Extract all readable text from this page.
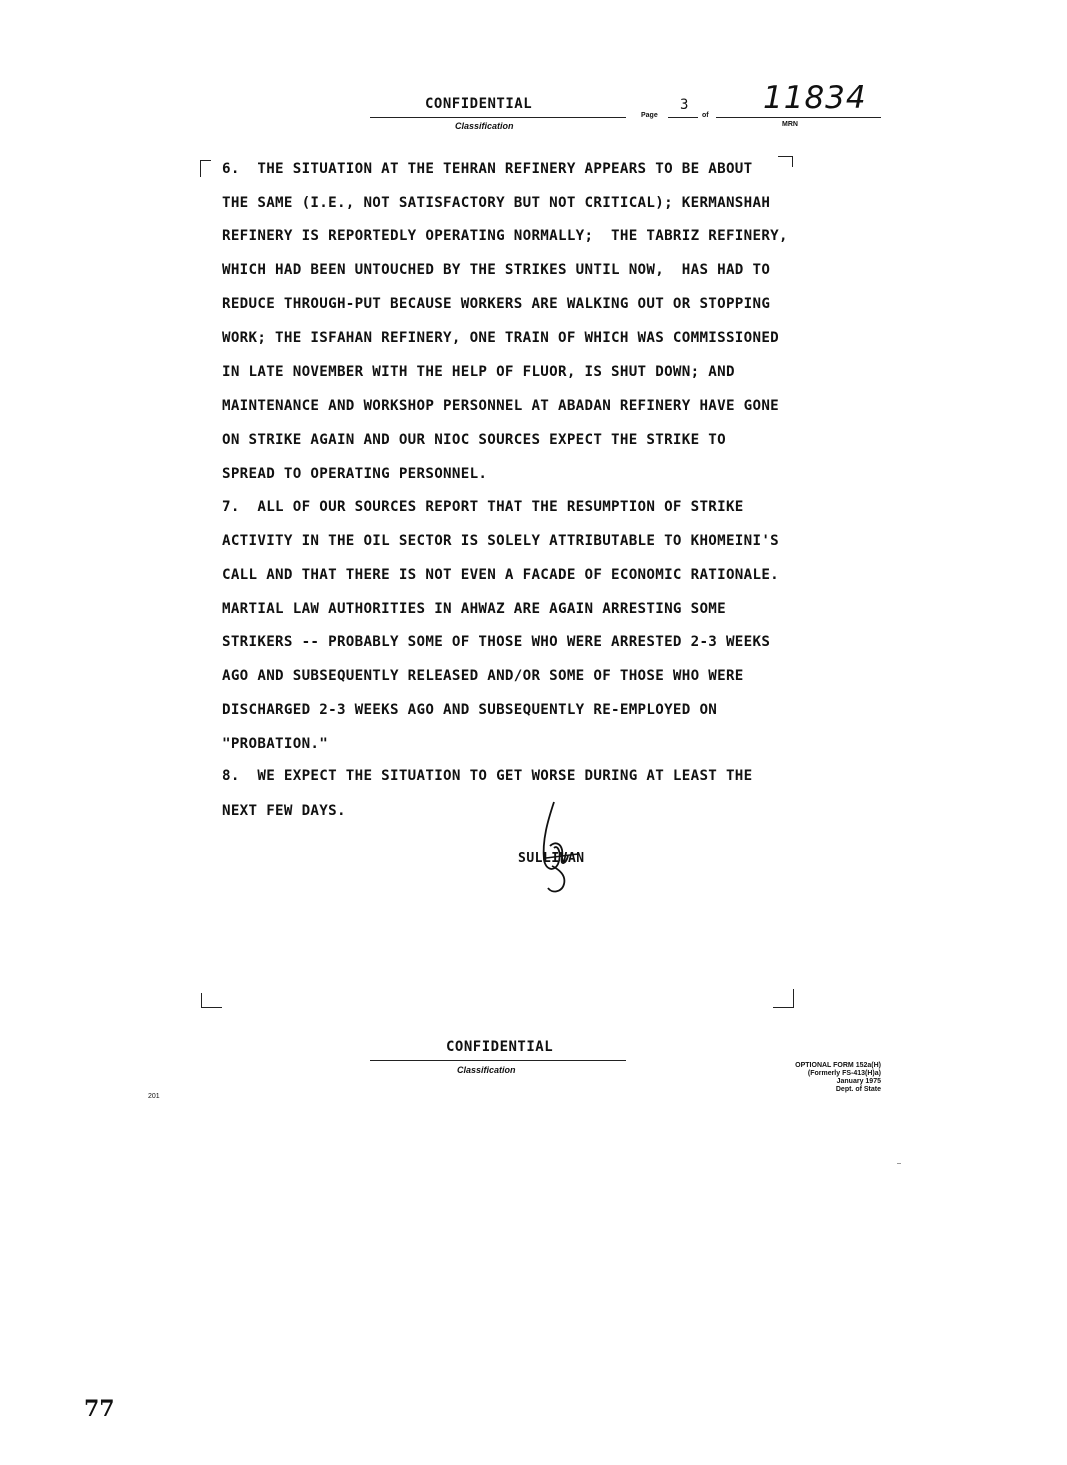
CONFIDENTIAL
Classification
Page
3
of 11834
MRN
6.  THE SITUATION AT THE TEHRAN REFINERY APPEARS TO BE ABOUT
THE SAME (I.E., NOT SATISFACTORY BUT NOT CRITICAL); KERMANSHAH
REFINERY IS REPORTEDLY OPERATING NORMALLY;  THE TABRIZ REFINERY,
WHICH HAD BEEN UNTOUCHED BY THE STRIKES UNTIL NOW,  HAS HAD TO
REDUCE THROUGH-PUT BECAUSE WORKERS ARE WALKING OUT OR STOPPING
WORK; THE ISFAHAN REFINERY, ONE TRAIN OF WHICH WAS COMMISSIONED
IN LATE NOVEMBER WITH THE HELP OF FLUOR, IS SHUT DOWN; AND
MAINTENANCE AND WORKSHOP PERSONNEL AT ABADAN REFINERY HAVE GONE
ON STRIKE AGAIN AND OUR NIOC SOURCES EXPECT THE STRIKE TO
SPREAD TO OPERATING PERSONNEL.
7.  ALL OF OUR SOURCES REPORT THAT THE RESUMPTION OF STRIKE
ACTIVITY IN THE OIL SECTOR IS SOLELY ATTRIBUTABLE TO KHOMEINI'S
CALL AND THAT THERE IS NOT EVEN A FACADE OF ECONOMIC RATIONALE.
MARTIAL LAW AUTHORITIES IN AHWAZ ARE AGAIN ARRESTING SOME
STRIKERS -- PROBABLY SOME OF THOSE WHO WERE ARRESTED 2-3 WEEKS
AGO AND SUBSEQUENTLY RELEASED AND/OR SOME OF THOSE WHO WERE
DISCHARGED 2-3 WEEKS AGO AND SUBSEQUENTLY RE-EMPLOYED ON
"PROBATION."
8.  WE EXPECT THE SITUATION TO GET WORSE DURING AT LEAST THE
NEXT FEW DAYS.
SULLIVAN
CONFIDENTIAL
Classification	OPTIONAL FORM 152a(H)
(Formerly FS-413(H)a)
January 1975
Dept. of State
201
77
